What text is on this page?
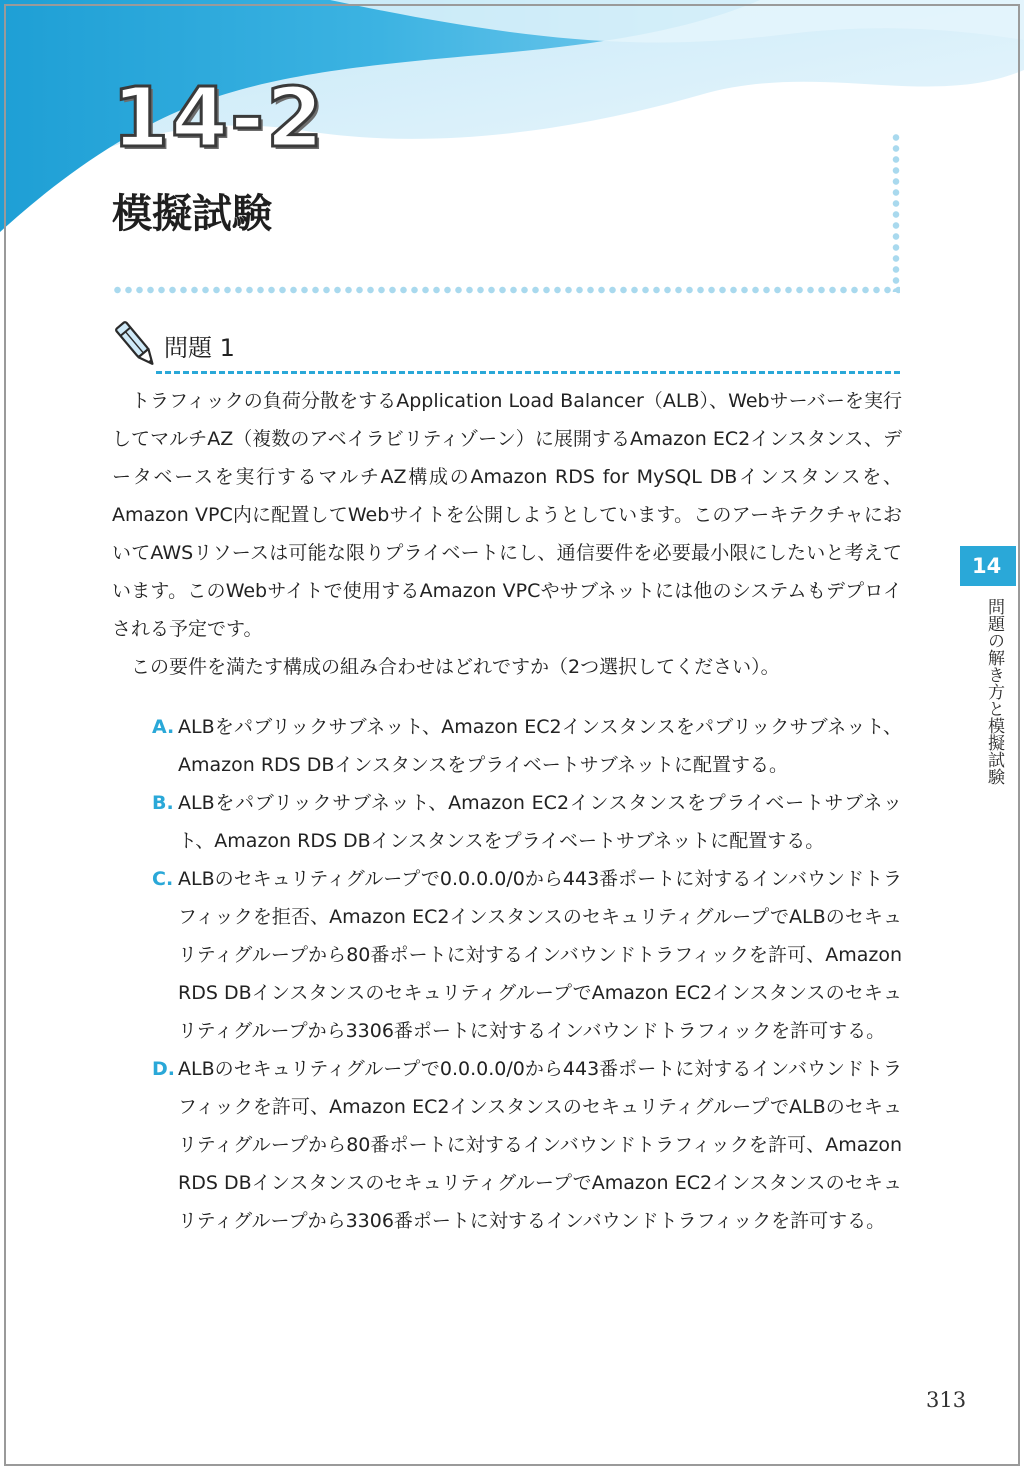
14-2
模擬試験
問題 1

トラフィックの負荷分散をするApplication Load Balancer（ALB）、Webサーバーを実行してマルチAZ（複数のアベイラビリティゾーン）に展開するAmazon EC2インスタンス、データベースを実行するマルチAZ構成のAmazon RDS for MySQL DBインスタンスを、Amazon VPC内に配置してWebサイトを公開しようとしています。このアーキテクチャにおいてAWSリソースは可能な限りプライベートにし、通信要件を必要最小限にしたいと考えています。このWebサイトで使用するAmazon VPCやサブネットには他のシステムもデプロイされる予定です。

この要件を満たす構成の組み合わせはどれですか（2つ選択してください）。

A. ALBをパブリックサブネット、Amazon EC2インスタンスをパブリックサブネット、Amazon RDS DBインスタンスをプライベートサブネットに配置する。
B. ALBをパブリックサブネット、Amazon EC2インスタンスをプライベートサブネット、Amazon RDS DBインスタンスをプライベートサブネットに配置する。
C. ALBのセキュリティグループで0.0.0.0/0から443番ポートに対するインバウンドトラフィックを拒否、Amazon EC2インスタンスのセキュリティグループでALBのセキュリティグループから80番ポートに対するインバウンドトラフィックを許可、Amazon RDS DBインスタンスのセキュリティグループでAmazon EC2インスタンスのセキュリティグループから3306番ポートに対するインバウンドトラフィックを許可する。
D. ALBのセキュリティグループで0.0.0.0/0から443番ポートに対するインバウンドトラフィックを許可、Amazon EC2インスタンスのセキュリティグループでALBのセキュリティグループから80番ポートに対するインバウンドトラフィックを許可、Amazon RDS DBインスタンスのセキュリティグループでAmazon EC2インスタンスのセキュリティグループから3306番ポートに対するインバウンドトラフィックを許可する。
14
問題の解き方と模擬試験
313
